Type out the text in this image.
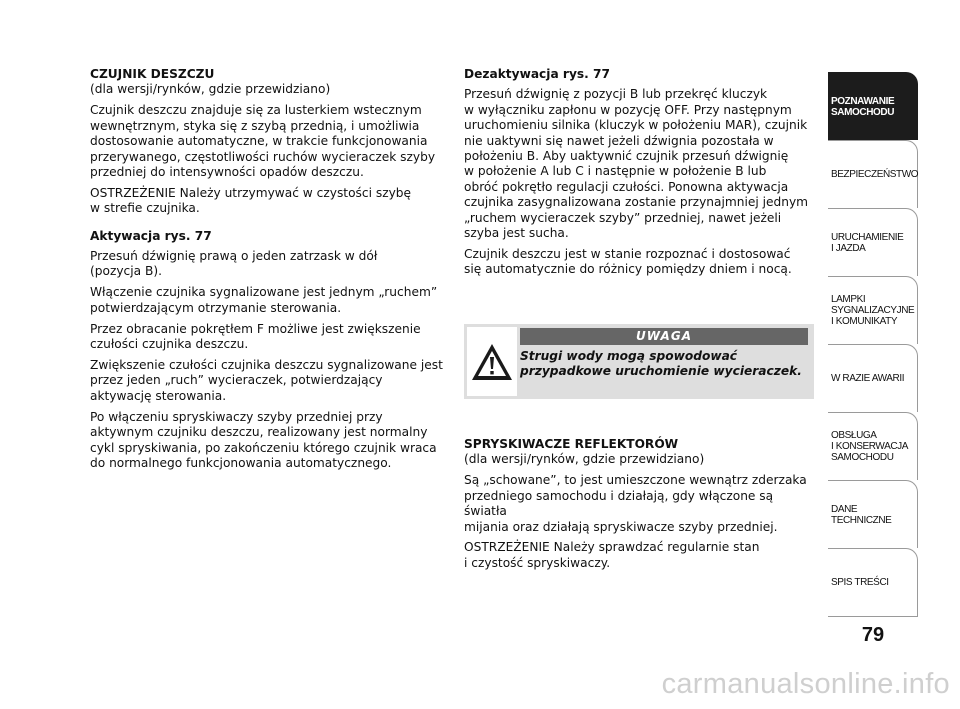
CZUJNIK DESZCZU

(dla wersji/rynków, gdzie przewidziano)

Czujnik deszczu znajduje się za lusterkiem wstecznym
wewnętrznym, styka się z szybą przednią, i umożliwia
dostosowanie automatyczne, w trakcie funkcjonowania
przerywanego, częstotliwości ruchów wycieraczek szyby
przedniej do intensywności opadów deszczu.

OSTRZEŻENIE Należy utrzymywać w czystości szybę
w strefie czujnika.

Aktywacja rys. 77

Przesuń dźwignię prawą o jeden zatrzask w dół
(pozycja B).

Włączenie czujnika sygnalizowane jest jednym „ruchem”
potwierdzającym otrzymanie sterowania.

Przez obracanie pokrętłem F możliwe jest zwiększenie
czułości czujnika deszczu.

Zwiększenie czułości czujnika deszczu sygnalizowane jest
przez jeden „ruch” wycieraczek, potwierdzający
aktywację sterowania.

Po włączeniu spryskiwaczy szyby przedniej przy
aktywnym czujniku deszczu, realizowany jest normalny
cykl spryskiwania, po zakończeniu którego czujnik wraca
do normalnego funkcjonowania automatycznego.

Dezaktywacja rys. 77

Przesuń dźwignię z pozycji B lub przekręć kluczyk
w wyłączniku zapłonu w pozycję OFF. Przy następnym
uruchomieniu silnika (kluczyk w położeniu MAR), czujnik
nie uaktywni się nawet jeżeli dźwignia pozostała w
położeniu B. Aby uaktywnić czujnik przesuń dźwignię
w położenie A lub C i następnie w położenie B lub
obróć pokrętło regulacji czułości. Ponowna aktywacja
czujnika zasygnalizowana zostanie przynajmniej jednym
„ruchem wycieraczek szyby” przedniej, nawet jeżeli
szyba jest sucha.

Czujnik deszczu jest w stanie rozpoznać i dostosować
się automatycznie do różnicy pomiędzy dniem i nocą.

UWAGA
Strugi wody mogą spowodować
przypadkowe uruchomienie wycieraczek.
SPRYSKIWACZE REFLEKTORÓW

(dla wersji/rynków, gdzie przewidziano)

Są „schowane”, to jest umieszczone wewnątrz zderzaka
przedniego samochodu i działają, gdy włączone są światła
mijania oraz działają spryskiwacze szyby przedniej.

OSTRZEŻENIE Należy sprawdzać regularnie stan
i czystość spryskiwaczy.

POZNAWANIE
SAMOCHODU
BEZPIECZEŃSTWO
URUCHAMIENIE
I JAZDA
LAMPKI
SYGNALIZACYJNE
I KOMUNIKATY
W RAZIE AWARII
OBSŁUGA
I KONSERWACJA
SAMOCHODU
DANE TECHNICZNE
SPIS TREŚCI
79
carmanualsonline.info
